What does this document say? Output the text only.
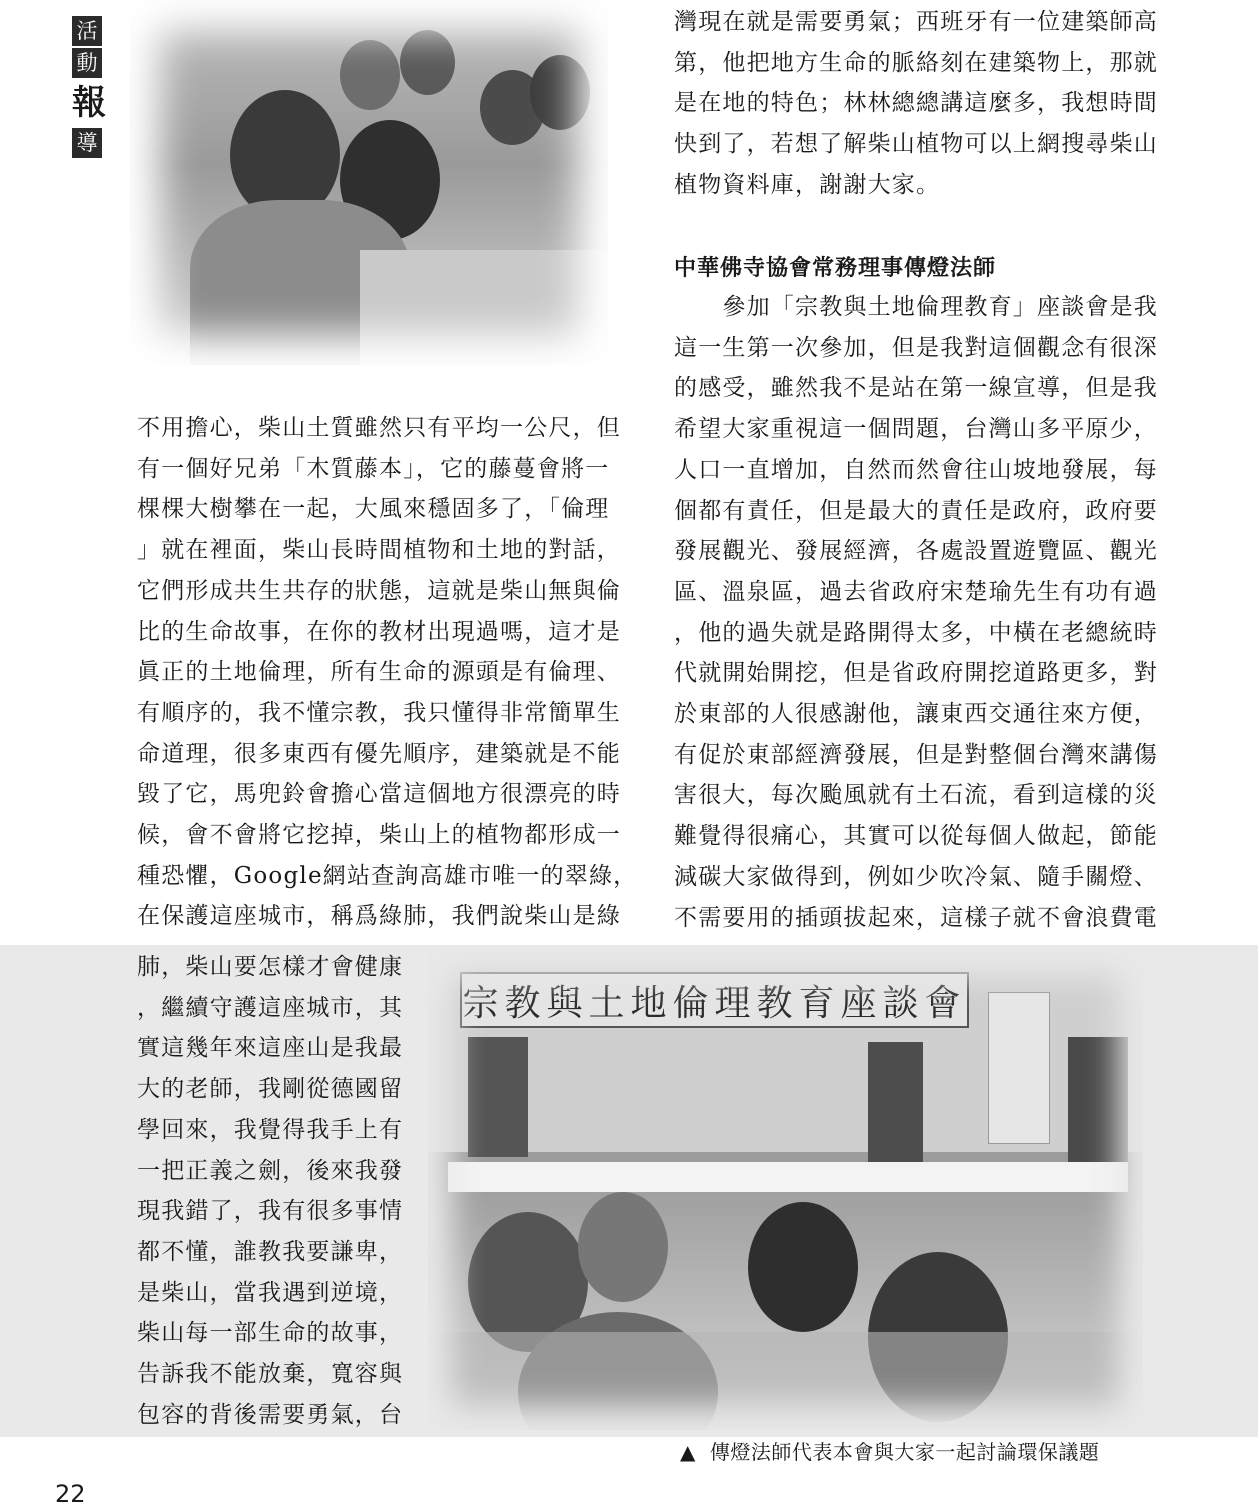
活
動
報
導
宗教與土地倫理教育座談會

不用擔心，柴山土質雖然只有平均一公尺，但

有一個好兄弟「木質藤本」，它的藤蔓會將一

棵棵大樹攀在一起，大風來穩固多了，「倫理

」就在裡面，柴山長時間植物和土地的對話，

它們形成共生共存的狀態，這就是柴山無與倫

比的生命故事，在你的教材出現過嗎，這才是

眞正的土地倫理，所有生命的源頭是有倫理、

有順序的，我不懂宗教，我只懂得非常簡單生

命道理，很多東西有優先順序，建築就是不能

毀了它，馬兜鈴會擔心當這個地方很漂亮的時

候，會不會將它挖掉，柴山上的植物都形成一

種恐懼，Google網站查詢高雄市唯一的翠綠，

在保護這座城市，稱爲綠肺，我們說柴山是綠

肺，柴山要怎樣才會健康

，繼續守護這座城市，其

實這幾年來這座山是我最

大的老師，我剛從德國留

學回來，我覺得我手上有

一把正義之劍，後來我發

現我錯了，我有很多事情

都不懂，誰教我要謙卑，

是柴山，當我遇到逆境，

柴山每一部生命的故事，

告訴我不能放棄，寬容與

包容的背後需要勇氣，台

灣現在就是需要勇氣；西班牙有一位建築師高

第，他把地方生命的脈絡刻在建築物上，那就

是在地的特色；林林總總講這麼多，我想時間

快到了，若想了解柴山植物可以上網搜尋柴山

植物資料庫，謝謝大家。

中華佛寺協會常務理事傳燈法師

　　參加「宗教與土地倫理教育」座談會是我

這一生第一次參加，但是我對這個觀念有很深

的感受，雖然我不是站在第一線宣導，但是我

希望大家重視這一個問題，台灣山多平原少，

人口一直增加，自然而然會往山坡地發展，每

個都有責任，但是最大的責任是政府，政府要

發展觀光、發展經濟，各處設置遊覽區、觀光

區、溫泉區，過去省政府宋楚瑜先生有功有過

，他的過失就是路開得太多，中橫在老總統時

代就開始開挖，但是省政府開挖道路更多，對

於東部的人很感謝他，讓東西交通往來方便，

有促於東部經濟發展，但是對整個台灣來講傷

害很大，每次颱風就有土石流，看到這樣的災

難覺得很痛心，其實可以從每個人做起，節能

減碳大家做得到，例如少吹冷氣、隨手關燈、

不需要用的插頭拔起來，這樣子就不會浪費電

▲ 傳燈法師代表本會與大家一起討論環保議題
22
